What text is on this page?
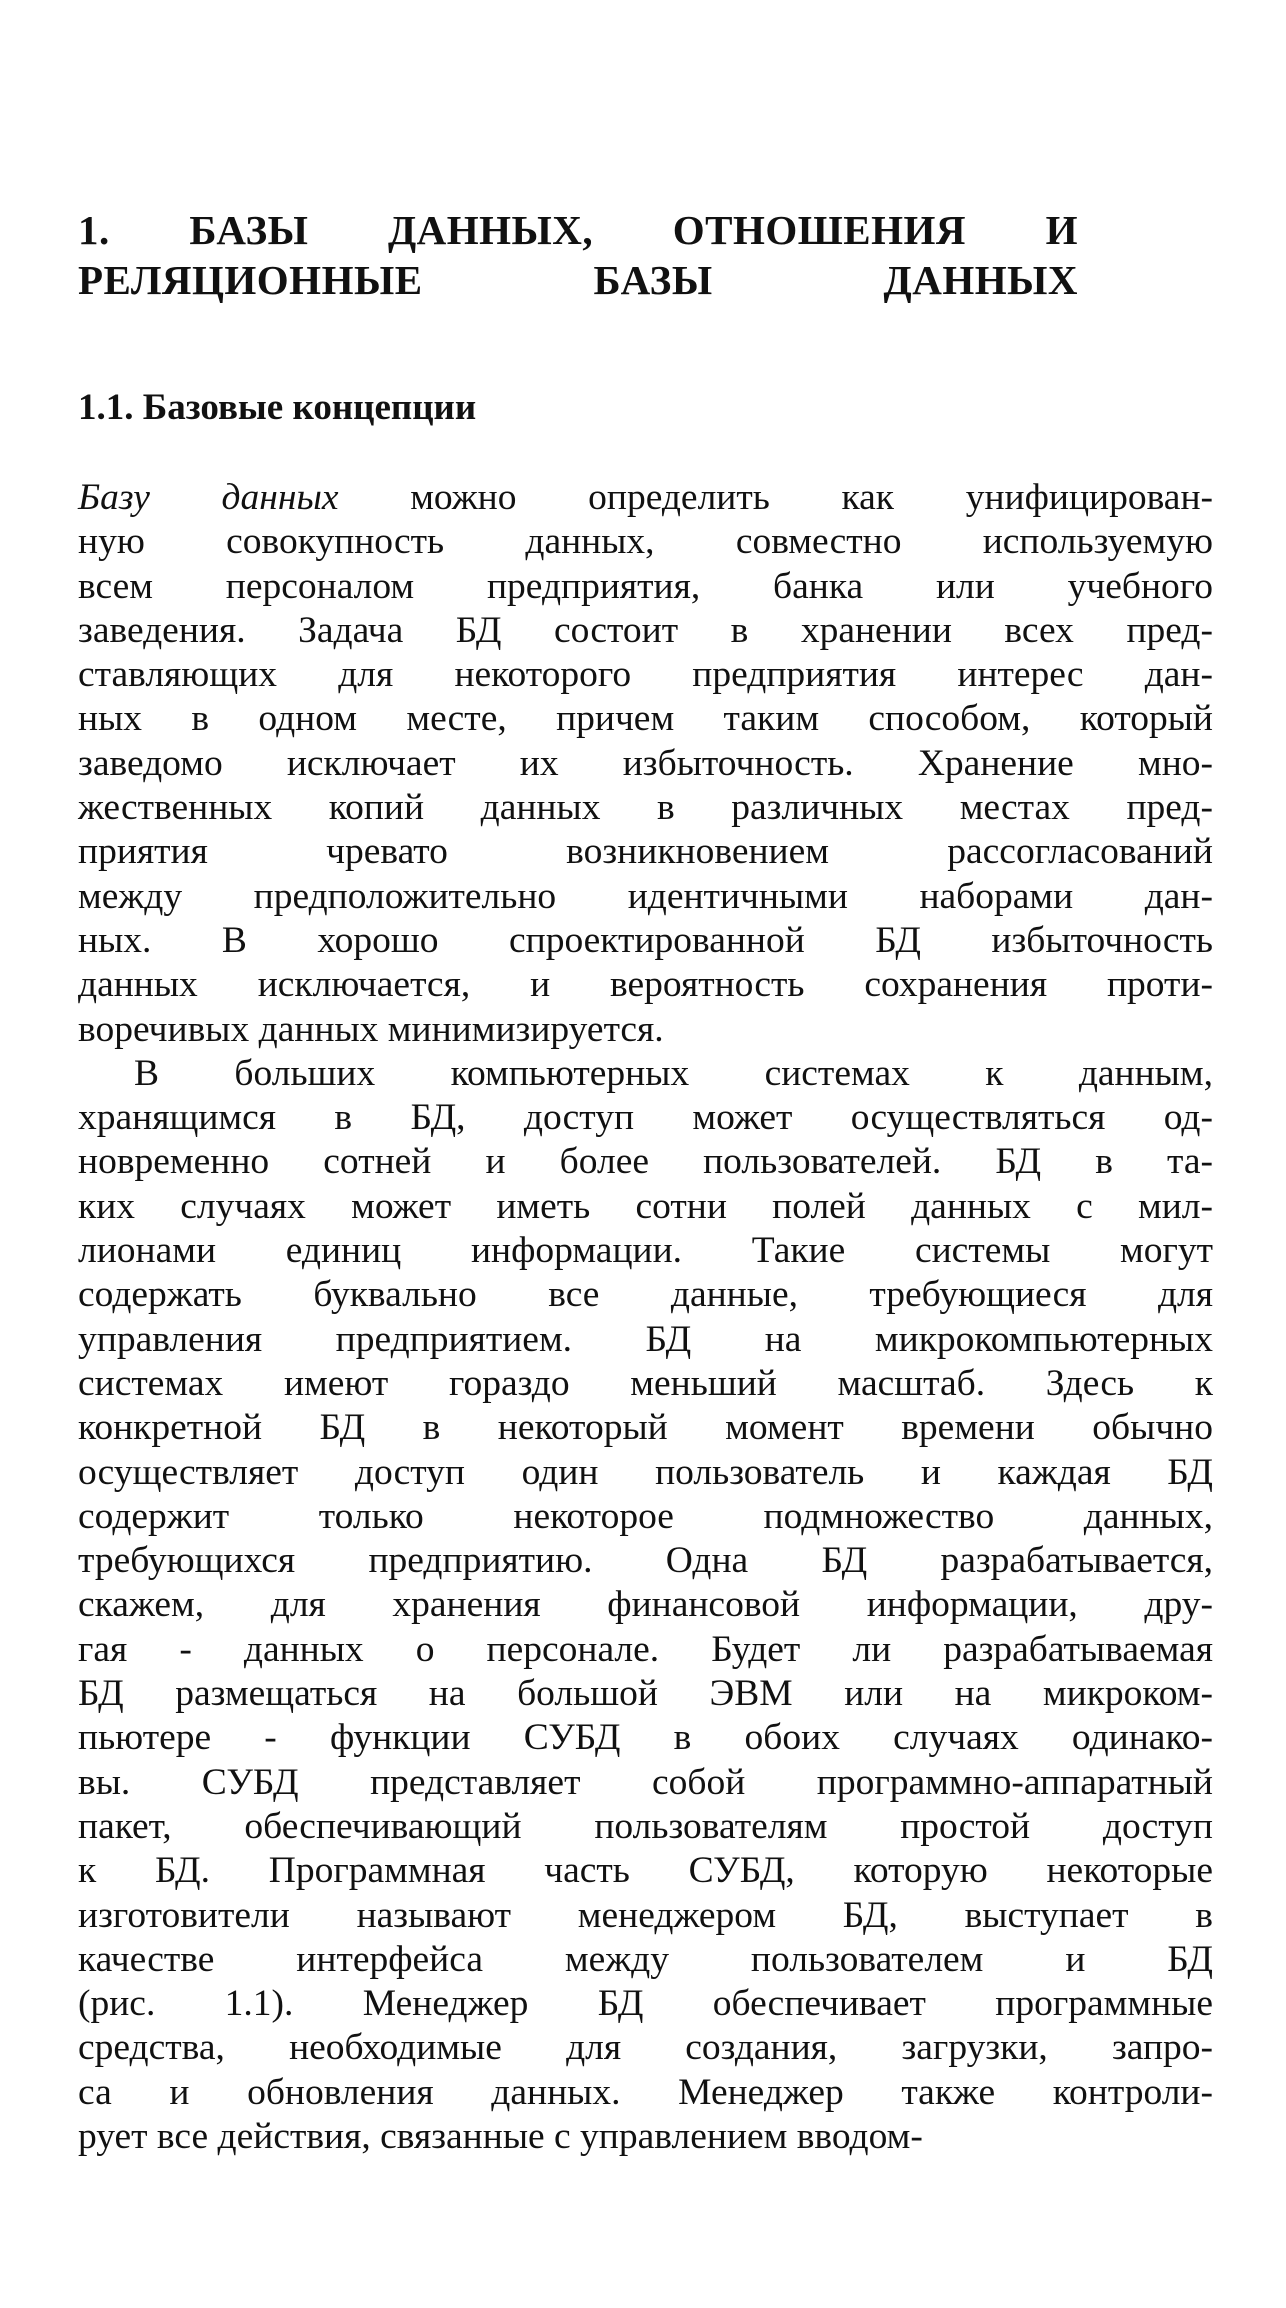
1. БАЗЫ ДАННЫХ, ОТНОШЕНИЯ И
РЕЛЯЦИОННЫЕ БАЗЫ ДАННЫХ
1.1. Базовые концепции
Базу данных можно определить как унифицирован-
ную совокупность данных, совместно используемую
всем персоналом предприятия, банка или учебного
заведения. Задача БД состоит в хранении всех пред-
ставляющих для некоторого предприятия интерес дан-
ных в одном месте, причем таким способом, который
заведомо исключает их избыточность. Хранение мно-
жественных копий данных в различных местах пред-
приятия чревато возникновением рассогласований
между предположительно идентичными наборами дан-
ных. В хорошо спроектированной БД избыточность
данных исключается, и вероятность сохранения проти-
воречивых данных минимизируется.
В больших компьютерных системах к данным,
хранящимся в БД, доступ может осуществляться од-
новременно сотней и более пользователей. БД в та-
ких случаях может иметь сотни полей данных с мил-
лионами единиц информации. Такие системы могут
содержать буквально все данные, требующиеся для
управления предприятием. БД на микрокомпьютерных
системах имеют гораздо меньший масштаб. Здесь к
конкретной БД в некоторый момент времени обычно
осуществляет доступ один пользователь и каждая БД
содержит только некоторое подмножество данных,
требующихся предприятию. Одна БД разрабатывается,
скажем, для хранения финансовой информации, дру-
гая - данных о персонале. Будет ли разрабатываемая
БД размещаться на большой ЭВМ или на микроком-
пьютере - функции СУБД в обоих случаях одинако-
вы. СУБД представляет собой программно-аппаратный
пакет, обеспечивающий пользователям простой доступ
к БД. Программная часть СУБД, которую некоторые
изготовители называют менеджером БД, выступает в
качестве интерфейса между пользователем и БД
(рис. 1.1). Менеджер БД обеспечивает программные
средства, необходимые для создания, загрузки, запро-
са и обновления данных. Менеджер также контроли-
рует все действия, связанные с управлением вводом-
